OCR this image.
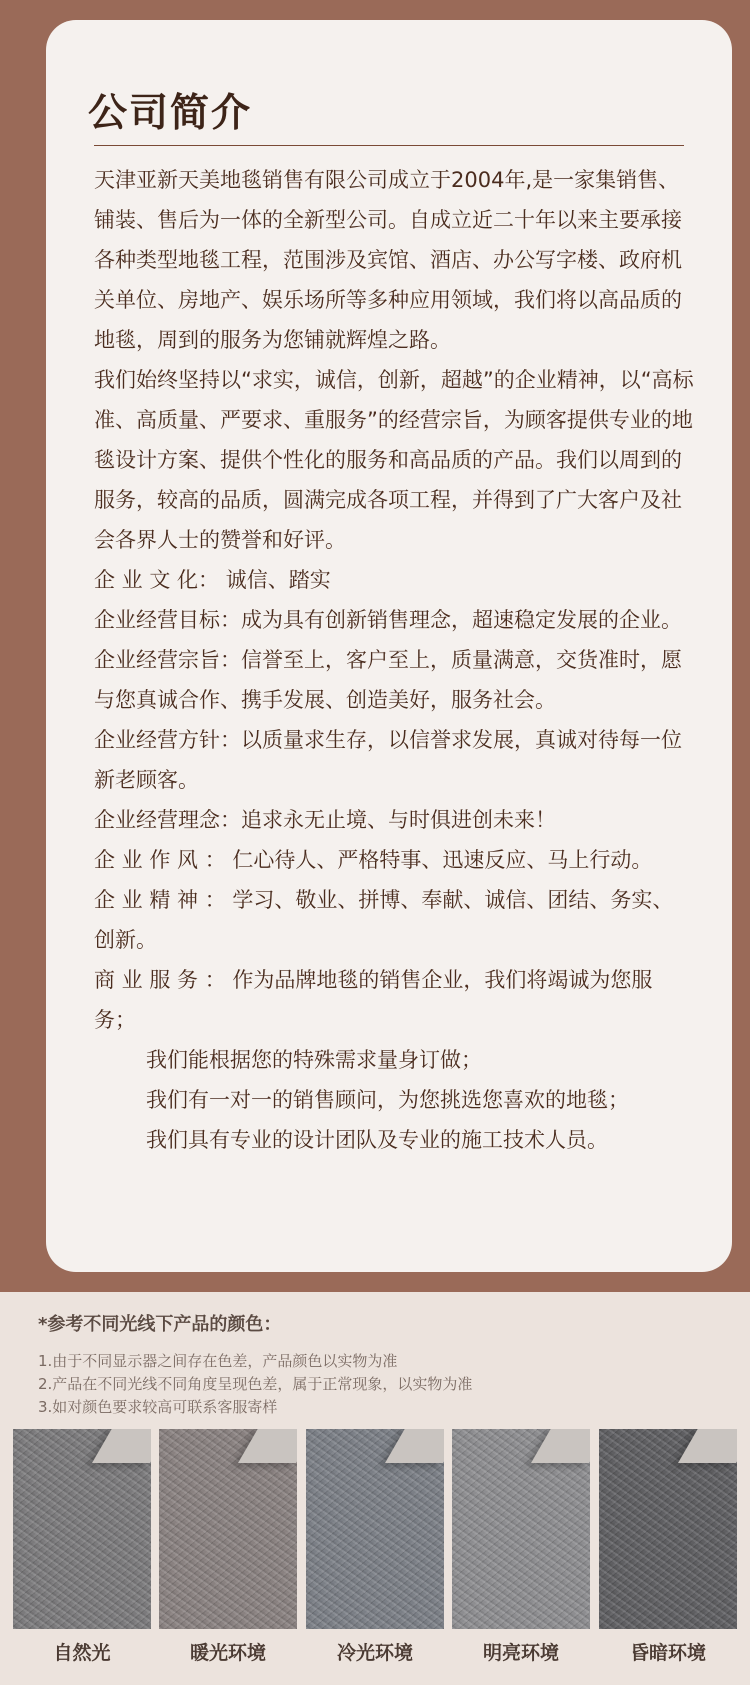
公司简介

天津亚新天美地毯销售有限公司成立于2004年,是一家集销售、铺装、售后为一体的全新型公司。自成立近二十年以来主要承接各种类型地毯工程，范围涉及宾馆、酒店、办公写字楼、政府机关单位、房地产、娱乐场所等多种应用领域，我们将以高品质的地毯，周到的服务为您铺就辉煌之路。

我们始终坚持以“求实，诚信，创新，超越”的企业精神，以“高标准、高质量、严要求、重服务”的经营宗旨，为顾客提供专业的地毯设计方案、提供个性化的服务和高品质的产品。我们以周到的服务，较高的品质，圆满完成各项工程，并得到了广大客户及社会各界人士的赞誉和好评。

企 业 文 化： 诚信、踏实

企业经营目标：成为具有创新销售理念，超速稳定发展的企业。

企业经营宗旨：信誉至上，客户至上，质量满意，交货准时，愿与您真诚合作、携手发展、创造美好，服务社会。

企业经营方针：以质量求生存，以信誉求发展，真诚对待每一位新老顾客。

企业经营理念：追求永无止境、与时俱进创未来！

企 业 作 风 ： 仁心待人、严格特事、迅速反应、马上行动。

企 业 精 神 ： 学习、敬业、拼博、奉献、诚信、团结、务实、创新。

商 业 服 务 ： 作为品牌地毯的销售企业，我们将竭诚为您服务；

我们能根据您的特殊需求量身订做；

我们有一对一的销售顾问，为您挑选您喜欢的地毯；

我们具有专业的设计团队及专业的施工技术人员。

*参考不同光线下产品的颜色：
1.由于不同显示器之间存在色差，产品颜色以实物为准
2.产品在不同光线不同角度呈现色差，属于正常现象，以实物为准
3.如对颜色要求较高可联系客服寄样
自然光	暖光环境	冷光环境	明亮环境	昏暗环境
